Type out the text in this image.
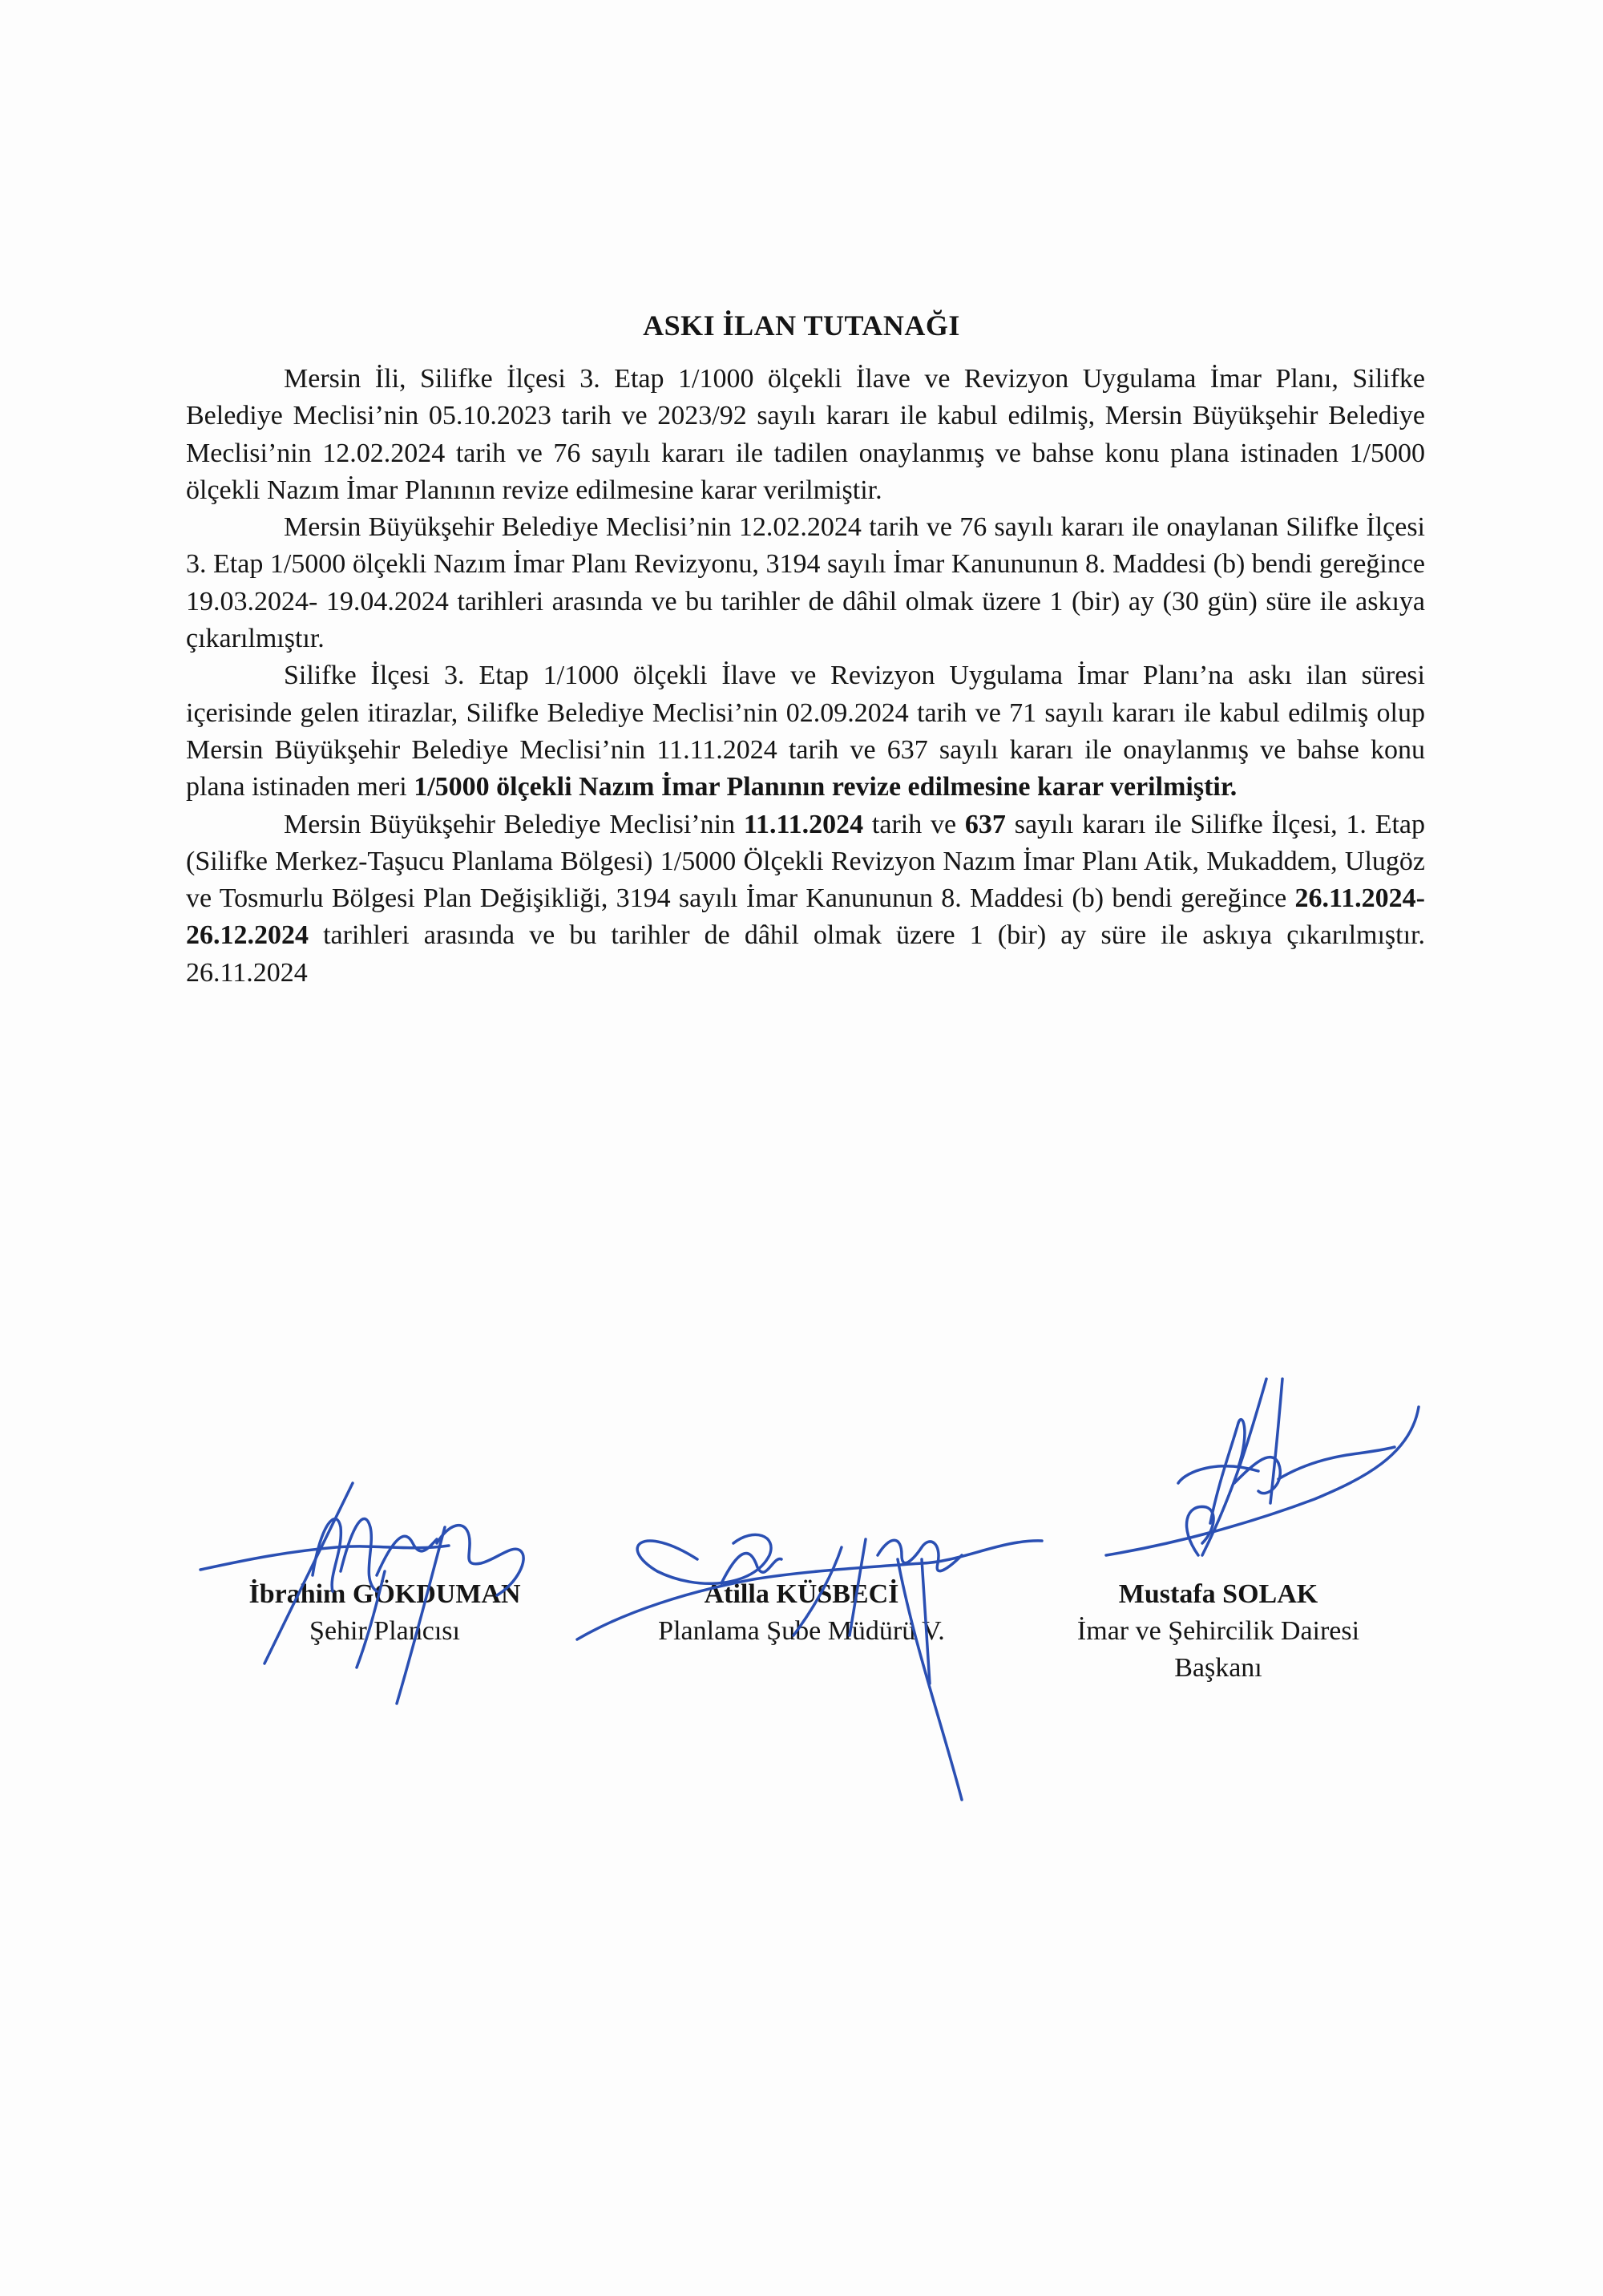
ASKI İLAN TUTANAĞI

Mersin İli, Silifke İlçesi 3. Etap 1/1000 ölçekli İlave ve Revizyon Uygulama İmar Planı, Silifke Belediye Meclisi’nin 05.10.2023 tarih ve 2023/92 sayılı kararı ile kabul edilmiş, Mersin Büyükşehir Belediye Meclisi’nin 12.02.2024 tarih ve 76 sayılı kararı ile tadilen onaylanmış ve bahse konu plana istinaden 1/5000 ölçekli Nazım İmar Planının revize edilmesine karar verilmiştir.

Mersin Büyükşehir Belediye Meclisi’nin 12.02.2024 tarih ve 76 sayılı kararı ile onaylanan Silifke İlçesi 3. Etap 1/5000 ölçekli Nazım İmar Planı Revizyonu, 3194 sayılı İmar Kanununun 8. Maddesi (b) bendi gereğince 19.03.2024- 19.04.2024 tarihleri arasında ve bu tarihler de dâhil olmak üzere 1 (bir) ay (30 gün) süre ile askıya çıkarılmıştır.

Silifke İlçesi 3. Etap 1/1000 ölçekli İlave ve Revizyon Uygulama İmar Planı’na askı ilan süresi içerisinde gelen itirazlar, Silifke Belediye Meclisi’nin 02.09.2024 tarih ve 71 sayılı kararı ile kabul edilmiş olup Mersin Büyükşehir Belediye Meclisi’nin 11.11.2024 tarih ve 637 sayılı kararı ile onaylanmış ve bahse konu plana istinaden meri 1/5000 ölçekli Nazım İmar Planının revize edilmesine karar verilmiştir.

Mersin Büyükşehir Belediye Meclisi’nin 11.11.2024 tarih ve 637 sayılı kararı ile Silifke İlçesi, 1. Etap (Silifke Merkez-Taşucu Planlama Bölgesi) 1/5000 Ölçekli Revizyon Nazım İmar Planı Atik, Mukaddem, Ulugöz ve Tosmurlu Bölgesi Plan Değişikliği, 3194 sayılı İmar Kanununun 8. Maddesi (b) bendi gereğince 26.11.2024- 26.12.2024 tarihleri arasında ve bu tarihler de dâhil olmak üzere 1 (bir) ay süre ile askıya çıkarılmıştır. 26.11.2024

İbrahim GÖKDUMAN
Şehir Plancısı
Atilla KÜSBECİ
Planlama Şube Müdürü V.
Mustafa SOLAK
İmar ve Şehircilik Dairesi
Başkanı
